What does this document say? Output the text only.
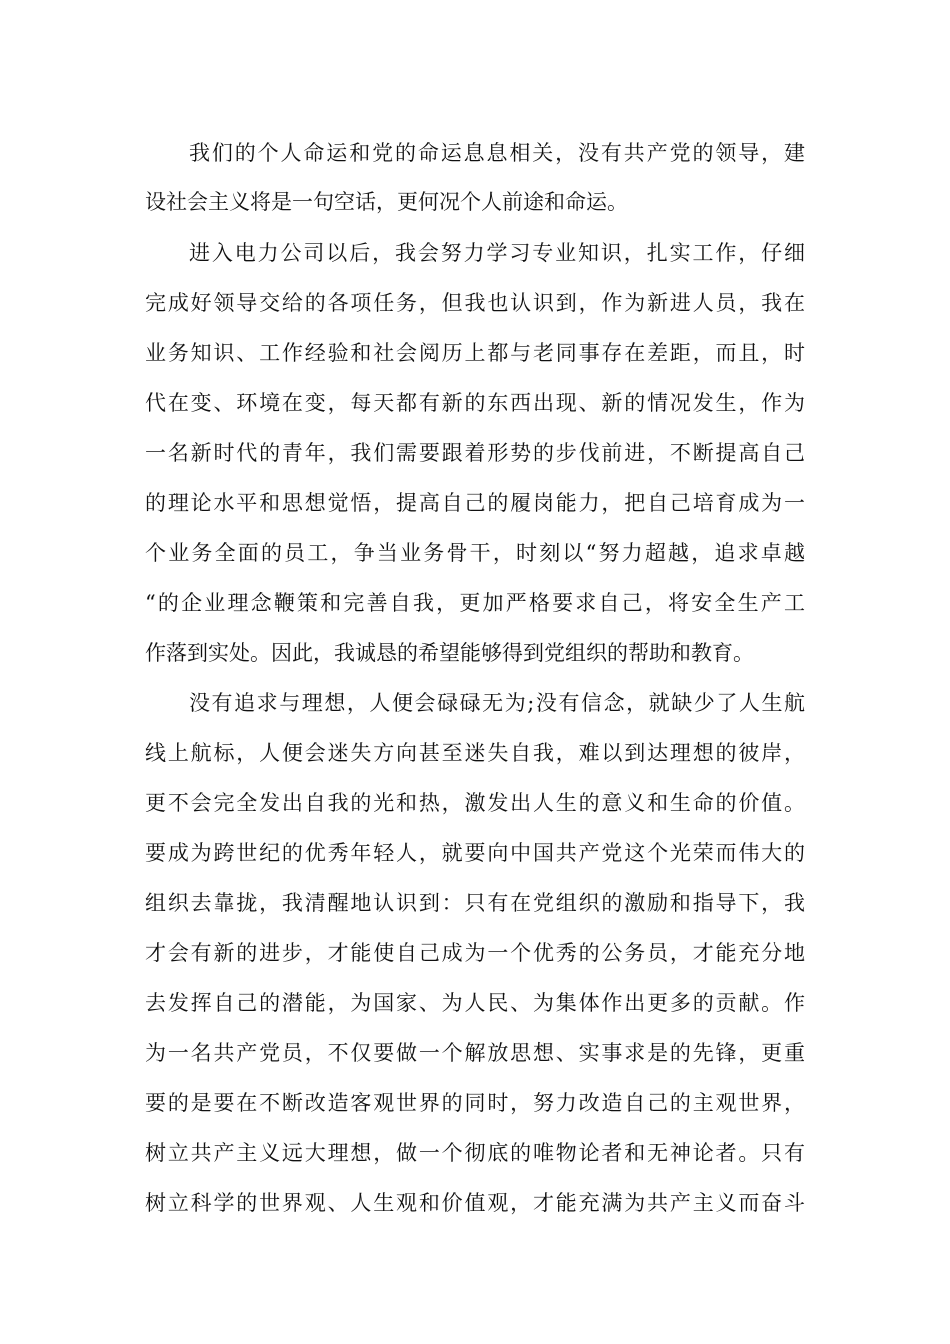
我们的个人命运和党的命运息息相关，没有共产党的领导，建

设社会主义将是一句空话，更何况个人前途和命运。

进入电力公司以后，我会努力学习专业知识，扎实工作，仔细

完成好领导交给的各项任务，但我也认识到，作为新进人员，我在

业务知识、工作经验和社会阅历上都与老同事存在差距，而且，时

代在变、环境在变，每天都有新的东西出现、新的情况发生，作为

一名新时代的青年，我们需要跟着形势的步伐前进，不断提高自己

的理论水平和思想觉悟，提高自己的履岗能力，把自己培育成为一

个业务全面的员工，争当业务骨干，时刻以“努力超越，追求卓越

“的企业理念鞭策和完善自我，更加严格要求自己，将安全生产工

作落到实处。因此，我诚恳的希望能够得到党组织的帮助和教育。

没有追求与理想，人便会碌碌无为;没有信念，就缺少了人生航

线上航标，人便会迷失方向甚至迷失自我，难以到达理想的彼岸，

更不会完全发出自我的光和热，激发出人生的意义和生命的价值。

要成为跨世纪的优秀年轻人，就要向中国共产党这个光荣而伟大的

组织去靠拢，我清醒地认识到：只有在党组织的激励和指导下，我

才会有新的进步，才能使自己成为一个优秀的公务员，才能充分地

去发挥自己的潜能，为国家、为人民、为集体作出更多的贡献。作

为一名共产党员，不仅要做一个解放思想、实事求是的先锋，更重

要的是要在不断改造客观世界的同时，努力改造自己的主观世界，

树立共产主义远大理想，做一个彻底的唯物论者和无神论者。只有

树立科学的世界观、人生观和价值观，才能充满为共产主义而奋斗
